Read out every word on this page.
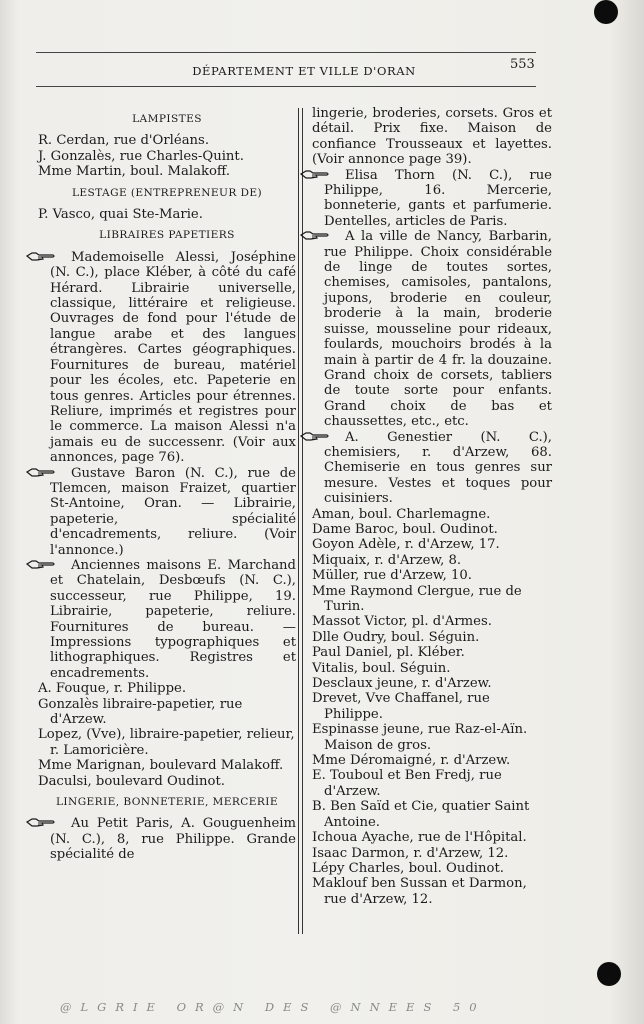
DÉPARTEMENT ET VILLE D'ORAN	553
LAMPISTES

R. Cerdan, rue d'Orléans.

J. Gonzalès, rue Charles-Quint.

Mme Martin, boul. Malakoff.

LESTAGE (ENTREPRENEUR DE)

P. Vasco, quai Ste-Marie.

LIBRAIRES PAPETIERS

Mademoiselle Alessi, Joséphine (N. C.), place Kléber, à côté du café Hérard. Librairie universelle, classique, littéraire et religieuse. Ouvrages de fond pour l'étude de langue arabe et des langues étrangères. Cartes géographiques. Fournitures de bureau, matériel pour les écoles, etc. Papeterie en tous genres. Articles pour étrennes. Reliure, imprimés et registres pour le commerce. La maison Alessi n'a jamais eu de successenr. (Voir aux annonces, page 76).

Gustave Baron (N. C.), rue de Tlemcen, maison Fraizet, quartier St-Antoine, Oran. — Librairie, papeterie, spécialité d'encadrements, reliure. (Voir l'annonce.)

Anciennes maisons E. Marchand et Chatelain, Desbœufs (N. C.), successeur, rue Philippe, 19. Librairie, papeterie, reliure. Fournitures de bureau. — Impressions typographiques et lithographiques. Registres et encadrements.

A. Fouque, r. Philippe.

Gonzalès libraire-papetier, rue d'Arzew.

Lopez, (Vve), libraire-papetier, relieur, r. Lamoricière.

Mme Marignan, boulevard Malakoff.

Daculsi, boulevard Oudinot.

LINGERIE, BONNETERIE, MERCERIE

Au Petit Paris, A. Gouguenheim (N. C.), 8, rue Philippe. Grande spécialité de

lingerie, broderies, corsets. Gros et détail. Prix fixe. Maison de confiance Trousseaux et layettes. (Voir annonce page 39).

Elisa Thorn (N. C.), rue Philippe, 16. Mercerie, bonneterie, gants et parfumerie. Dentelles, articles de Paris.

A la ville de Nancy, Barbarin, rue Philippe. Choix considérable de linge de toutes sortes, chemises, camisoles, pantalons, jupons, broderie en couleur, broderie à la main, broderie suisse, mousseline pour rideaux, foulards, mouchoirs brodés à la main à partir de 4 fr. la douzaine. Grand choix de corsets, tabliers de toute sorte pour enfants. Grand choix de bas et chaussettes, etc., etc.

A. Genestier (N. C.), chemisiers, r. d'Arzew, 68. Chemiserie en tous genres sur mesure. Vestes et toques pour cuisiniers.

Aman, boul. Charlemagne.

Dame Baroc, boul. Oudinot.

Goyon Adèle, r. d'Arzew, 17.

Miquaix, r. d'Arzew, 8.

Müller, rue d'Arzew, 10.

Mme Raymond Clergue, rue de Turin.

Massot Victor, pl. d'Armes.

Dlle Oudry, boul. Séguin.

Paul Daniel, pl. Kléber.

Vitalis, boul. Séguin.

Desclaux jeune, r. d'Arzew.

Drevet, Vve Chaffanel, rue Philippe.

Espinasse jeune, rue Raz-el-Aïn. Maison de gros.

Mme Déromaigné, r. d'Arzew.

E. Touboul et Ben Fredj, rue d'Arzew.

B. Ben Saïd et Cie, quatier Saint Antoine.

Ichoua Ayache, rue de l'Hôpital.

Isaac Darmon, r. d'Arzew, 12.

Lépy Charles, boul. Oudinot.

Maklouf ben Sussan et Darmon, rue d'Arzew, 12.

@LGRIE OR@N DES @NNEES 50
